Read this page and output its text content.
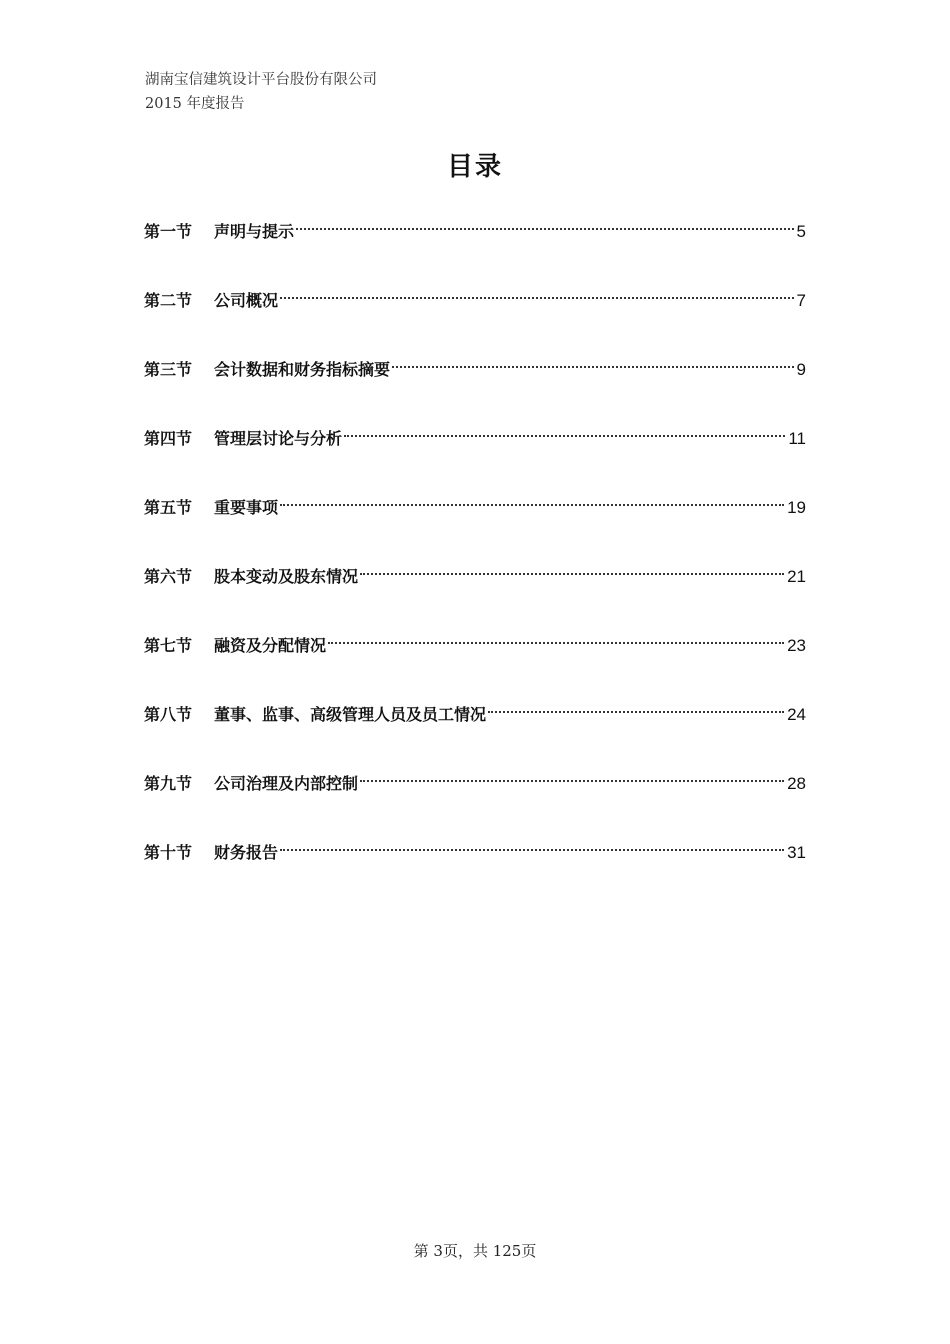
湖南宝信建筑设计平台股份有限公司
2015 年度报告
目录
第一节	声明与提示	5
第二节	公司概况	7
第三节	会计数据和财务指标摘要	9
第四节	管理层讨论与分析	11
第五节	重要事项	19
第六节	股本变动及股东情况	21
第七节	融资及分配情况	23
第八节	董事、监事、高级管理人员及员工情况	24
第九节	公司治理及内部控制	28
第十节	财务报告	31
第 3页，共 125页
